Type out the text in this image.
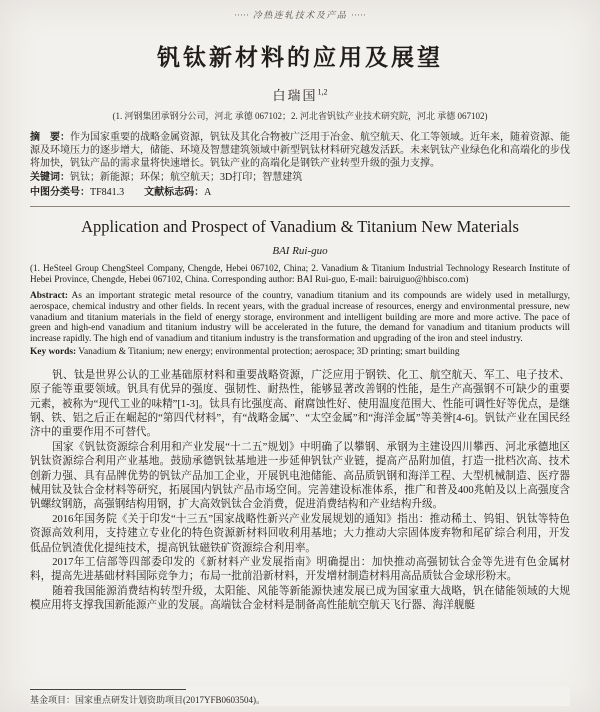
····· 冷热连轧技术及产品 ·····
钒钛新材料的应用及展望
白瑞国$^{1,2}$
(1. 河钢集团承钢分公司，河北 承德 067102；2. 河北省钒钛产业技术研究院，河北 承德 067102)
摘　要：作为国家重要的战略金属资源，钒钛及其化合物被广泛用于冶金、航空航天、化工等领域。近年来，随着资源、能源及环境压力的逐步增大，储能、环境及智慧建筑领域中新型钒钛材料研究越发活跃。未来钒钛产业绿色化和高端化的步伐将加快，钒钛产品的需求量将快速增长。钒钛产业的高端化是钢铁产业转型升级的强力支撑。
关键词：钒钛；新能源；环保；航空航天；3D打印；智慧建筑
中图分类号：TF841.3 文献标志码：A
Application and Prospect of Vanadium & Titanium New Materials
BAI Rui-guo
(1. HeSteel Group ChengSteel Company, Chengde, Hebei 067102, China; 2. Vanadium & Titanium Industrial Technology Research Institute of Hebei Province, Chengde, Hebei 067102, China. Corresponding author: BAI Rui-guo, E-mail: bairuiguo@hbisco.com)
Abstract: As an important strategic metal resource of the country, vanadium titanium and its compounds are widely used in metallurgy, aerospace, chemical industry and other fields. In recent years, with the gradual increase of resources, energy and environmental pressure, new vanadium and titanium materials in the field of energy storage, environment and intelligent building are more and more active. The pace of green and high-end vanadium and titanium industry will be accelerated in the future, the demand for vanadium and titanium products will increase rapidly. The high end of vanadium and titanium industry is the transformation and upgrading of the iron and steel industry.
Key words: Vanadium & Titanium; new energy; environmental protection; aerospace; 3D printing; smart building

钒、钛是世界公认的工业基础原材料和重要战略资源，广泛应用于钢铁、化工、航空航天、军工、电子技术、原子能等重要领域。钒具有优异的强度、强韧性、耐热性，能够显著改善钢的性能，是生产高强钢不可缺少的重要元素，被称为“现代工业的味精”[1-3]。钛具有比强度高、耐腐蚀性好、使用温度范围大、性能可调性好等优点，是继钢、铁、铝之后正在崛起的“第四代材料”，有“战略金属”、“太空金属”和“海洋金属”等美誉[4-6]。钒钛产业在国民经济中的重要作用不可替代。

国家《钒钛资源综合利用和产业发展“十二五”规划》中明确了以攀钢、承钢为主建设四川攀西、河北承德地区钒钛资源综合利用产业基地。鼓励承德钒钛基地进一步延伸钒钛产业链，提高产品附加值，打造一批档次高、技术创新力强、具有品牌优势的钒钛产品加工企业，开展钒电池储能、高品质钒钢和海洋工程、大型机械制造、医疗器械用钛及钛合金材料等研究，拓展国内钒钛产品市场空间。完善建设标准体系，推广和普及400兆帕及以上高强度含钒螺纹钢筋，高强钢结构用钢，扩大高效钒钛合金消费，促进消费结构和产业结构升级。

2016年国务院《关于印发“十三五”国家战略性新兴产业发展规划的通知》指出：推动稀土、钨钼、钒钛等特色资源高效利用，支持建立专业化的特色资源新材料回收利用基地；大力推动大宗固体废弃物和尾矿综合利用，开发低品位钒渣优化提纯技术，提高钒钛磁铁矿资源综合利用率。

2017年工信部等四部委印发的《新材料产业发展指南》明确提出：加快推动高强韧钛合金等先进有色金属材料，提高先进基础材料国际竞争力；布局一批前沿新材料，开发增材制造材料用高品质钛合金球形粉末。

随着我国能源消费结构转型升级，太阳能、风能等新能源快速发展已成为国家重大战略，钒在储能领域的大规模应用将支撑我国新能源产业的发展。高端钛合金材料是制备高性能航空航天飞行器、海洋舰艇

基金项目：国家重点研发计划资助项目(2017YFB0603504)。
